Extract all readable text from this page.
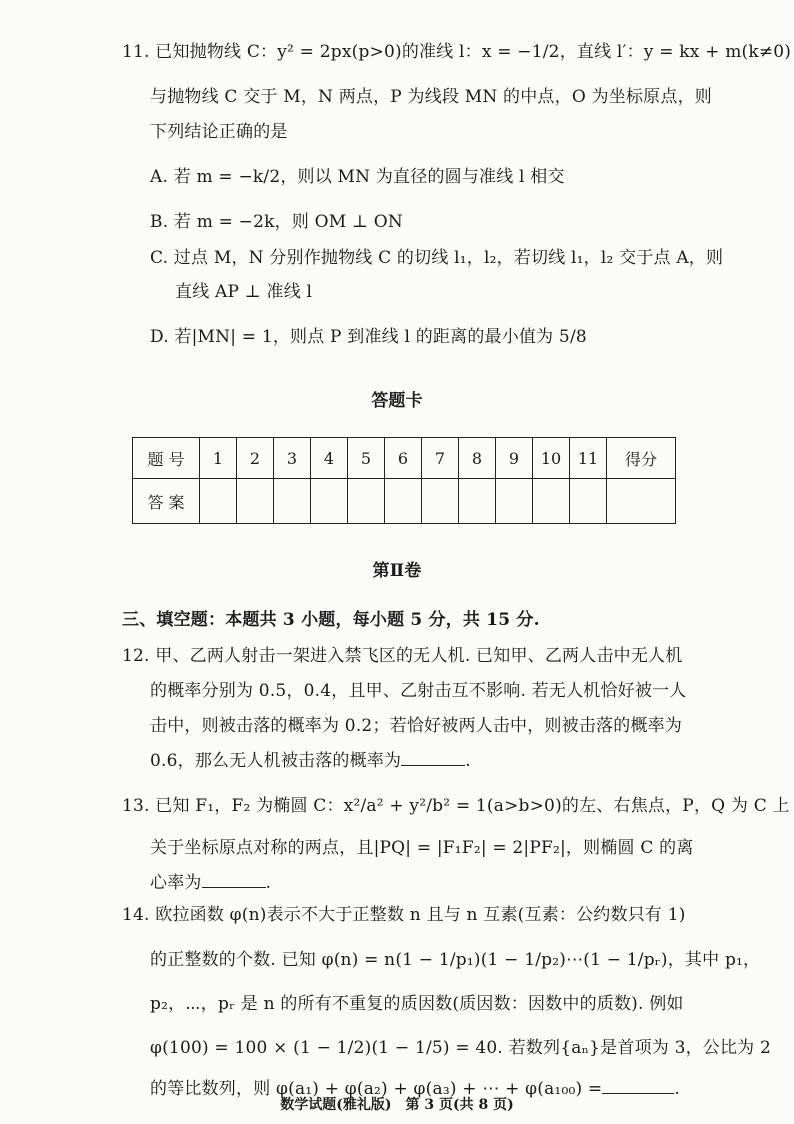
11. 已知抛物线 C：y² = 2px(p>0)的准线 l：x = −1/2，直线 l′：y = kx + m(k≠0)
与抛物线 C 交于 M，N 两点，P 为线段 MN 的中点，O 为坐标原点，则
下列结论正确的是
A. 若 m = −k/2，则以 MN 为直径的圆与准线 l 相交
B. 若 m = −2k，则 OM ⊥ ON
C. 过点 M，N 分别作抛物线 C 的切线 l₁，l₂，若切线 l₁，l₂ 交于点 A，则
直线 AP ⊥ 准线 l
D. 若|MN| = 1，则点 P 到准线 l 的距离的最小值为 5/8
答题卡
题 号	1	2	3	4	5	6	7	8	9	10	11	得分
答 案												
第Ⅱ卷
三、填空题：本题共 3 小题，每小题 5 分，共 15 分.
12. 甲、乙两人射击一架进入禁飞区的无人机. 已知甲、乙两人击中无人机
的概率分别为 0.5，0.4，且甲、乙射击互不影响. 若无人机恰好被一人
击中，则被击落的概率为 0.2；若恰好被两人击中，则被击落的概率为
0.6，那么无人机被击落的概率为	.
13. 已知 F₁，F₂ 为椭圆 C：x²/a² + y²/b² = 1(a>b>0)的左、右焦点，P，Q 为 C 上
关于坐标原点对称的两点，且|PQ| = |F₁F₂| = 2|PF₂|，则椭圆 C 的离
心率为	.
14. 欧拉函数 φ(n)表示不大于正整数 n 且与 n 互素(互素：公约数只有 1)
的正整数的个数. 已知 φ(n) = n(1 − 1/p₁)(1 − 1/p₂)⋯(1 − 1/pᵣ)，其中 p₁，
p₂，⋯，pᵣ 是 n 的所有不重复的质因数(质因数：因数中的质数). 例如
φ(100) = 100 × (1 − 1/2)(1 − 1/5) = 40. 若数列{aₙ}是首项为 3，公比为 2
的等比数列，则 φ(a₁) + φ(a₂) + φ(a₃) + ⋯ + φ(a₁₀₀) =	.
数学试题(雅礼版)　第 3 页(共 8 页)
